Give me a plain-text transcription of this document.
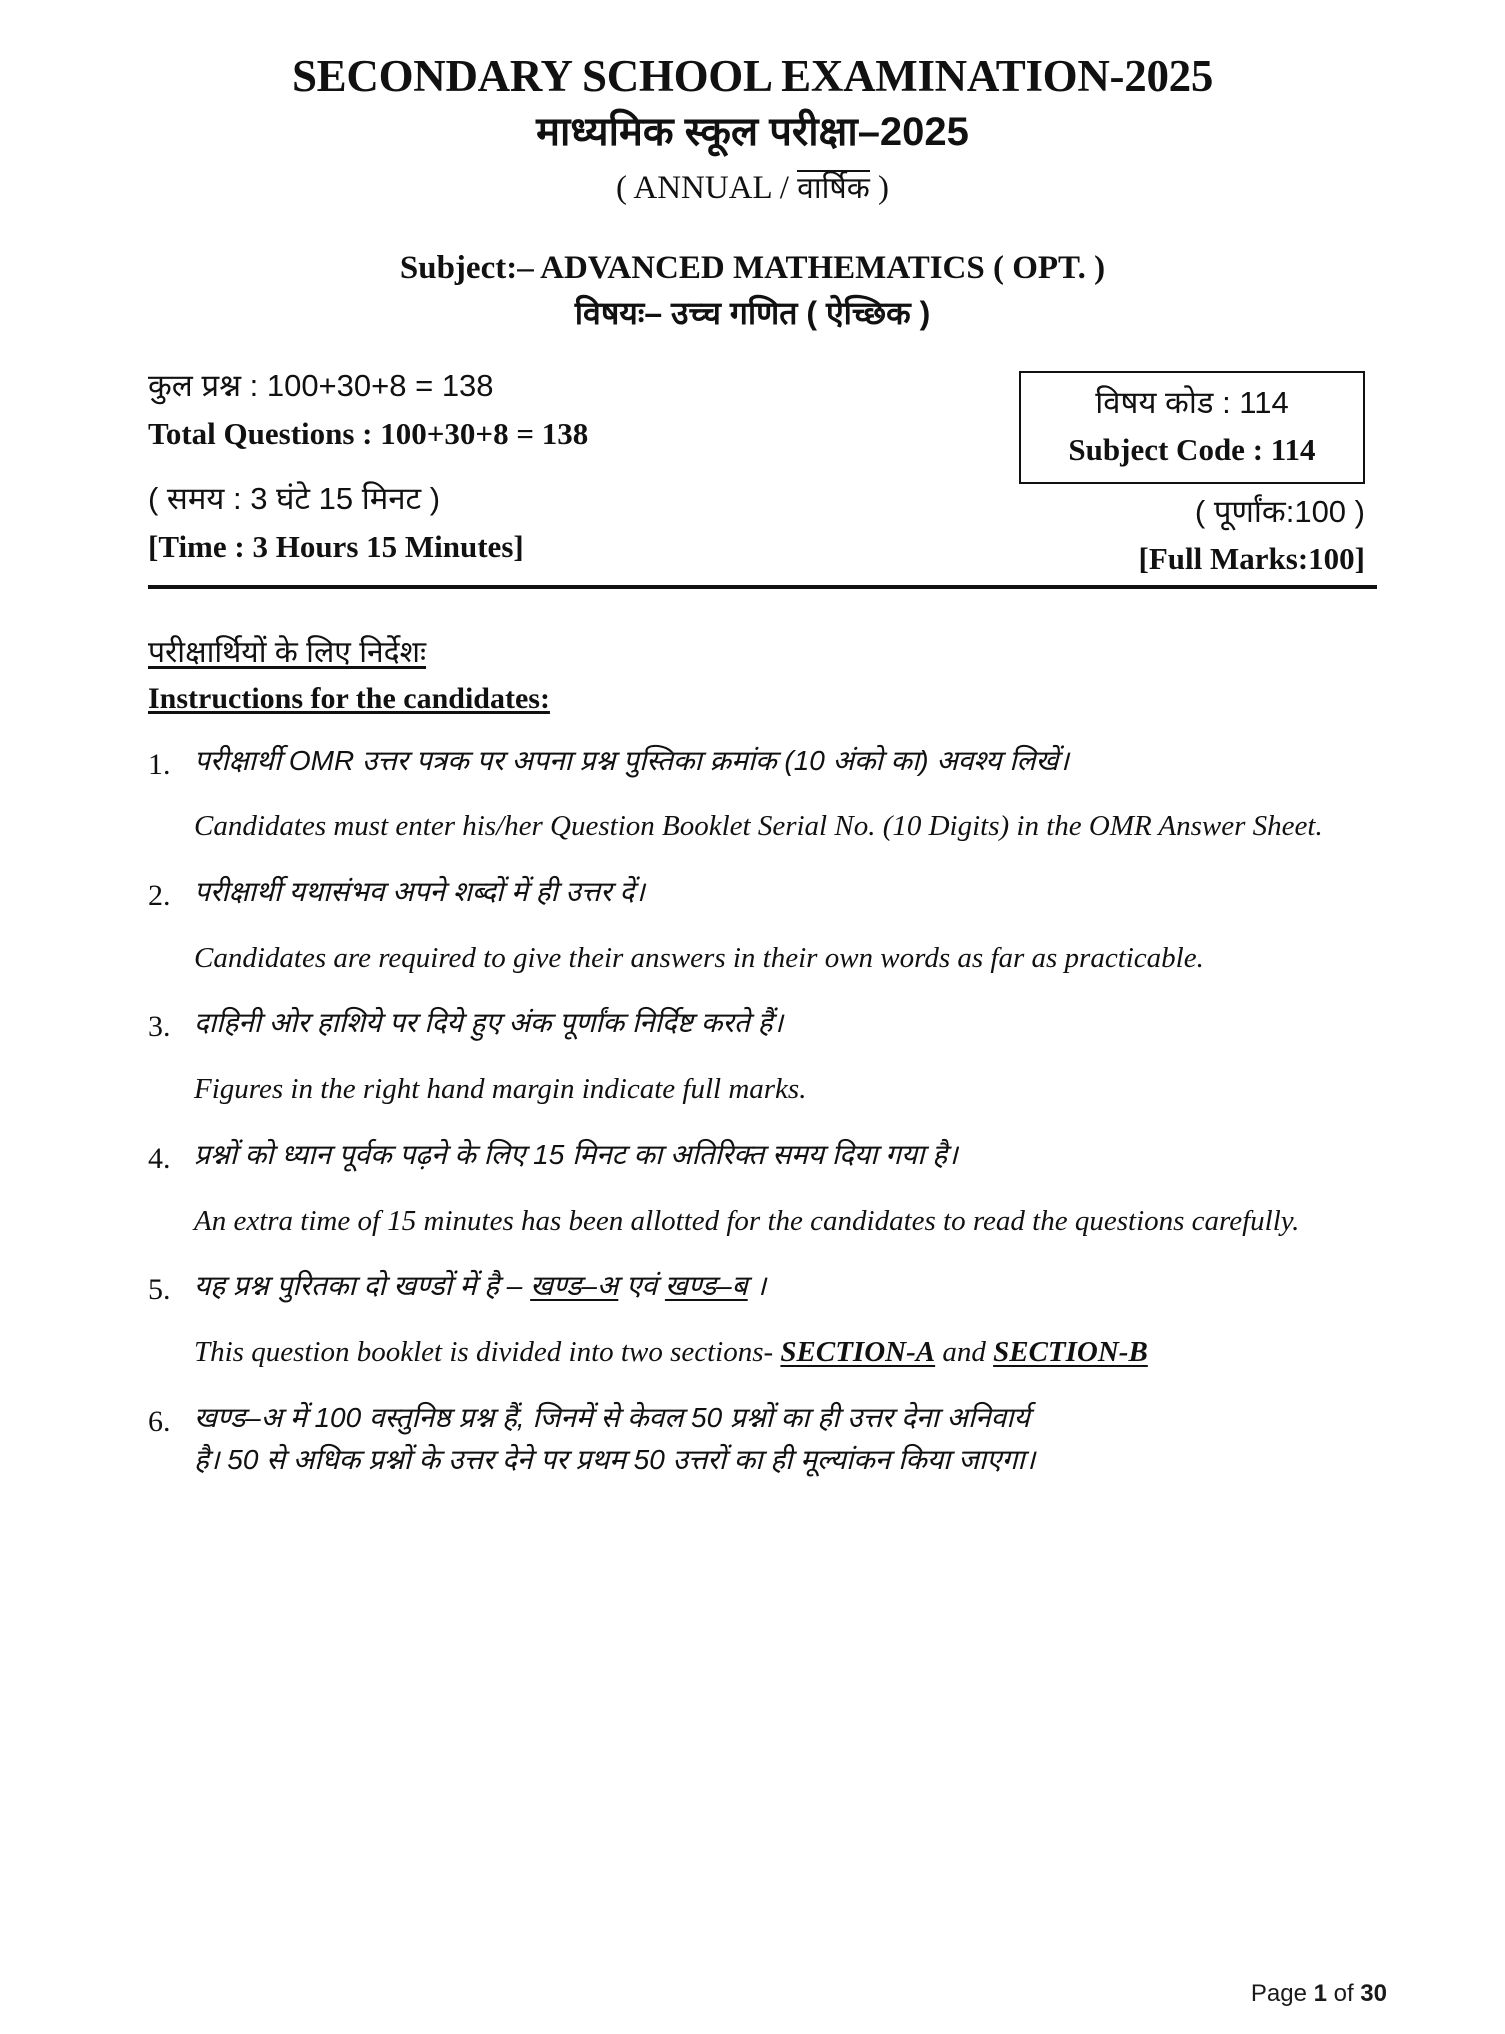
SECONDARY SCHOOL EXAMINATION-2025
माध्यमिक स्कूल परीक्षा–2025
( ANNUAL / वार्षिक )
Subject:– ADVANCED MATHEMATICS ( OPT. )
विषयः– उच्च गणित ( ऐच्छिक )
कुल प्रश्न : 100+30+8 = 138
Total Questions : 100+30+8 = 138
( समय : 3 घंटे 15 मिनट )
[Time : 3 Hours 15 Minutes]
विषय कोड : 114
Subject Code : 114
( पूर्णांक:100 )
[Full Marks:100]
परीक्षार्थियों के लिए निर्देशः
Instructions for the candidates:
1. परीक्षार्थी OMR उत्तर पत्रक पर अपना प्रश्न पुस्तिका क्रमांक (10 अंको का) अवश्य लिखें।
Candidates must enter his/her Question Booklet Serial No. (10 Digits) in the OMR Answer Sheet.
2. परीक्षार्थी यथासंभव अपने शब्दों में ही उत्तर दें।
Candidates are required to give their answers in their own words as far as practicable.
3. दाहिनी ओर हाशिये पर दिये हुए अंक पूर्णांक निर्दिष्ट करते हैं।
Figures in the right hand margin indicate full marks.
4. प्रश्नों को ध्यान पूर्वक पढ़ने के लिए 15 मिनट का अतिरिक्त समय दिया गया है।
An extra time of 15 minutes has been allotted for the candidates to read the questions carefully.
5. यह प्रश्न पुरितका दो खण्डों में है – खण्ड–अ एवं खण्ड–ब ।
This question booklet is divided into two sections- SECTION-A and SECTION-B
6. खण्ड–अ में 100 वस्तुनिष्ठ प्रश्न हैं, जिनमें से केवल 50 प्रश्नों का ही उत्तर देना अनिवार्य
है। 50 से अधिक प्रश्नों के उत्तर देने पर प्रथम 50 उत्तरों का ही मूल्यांकन किया जाएगा।
Page 1 of 30
